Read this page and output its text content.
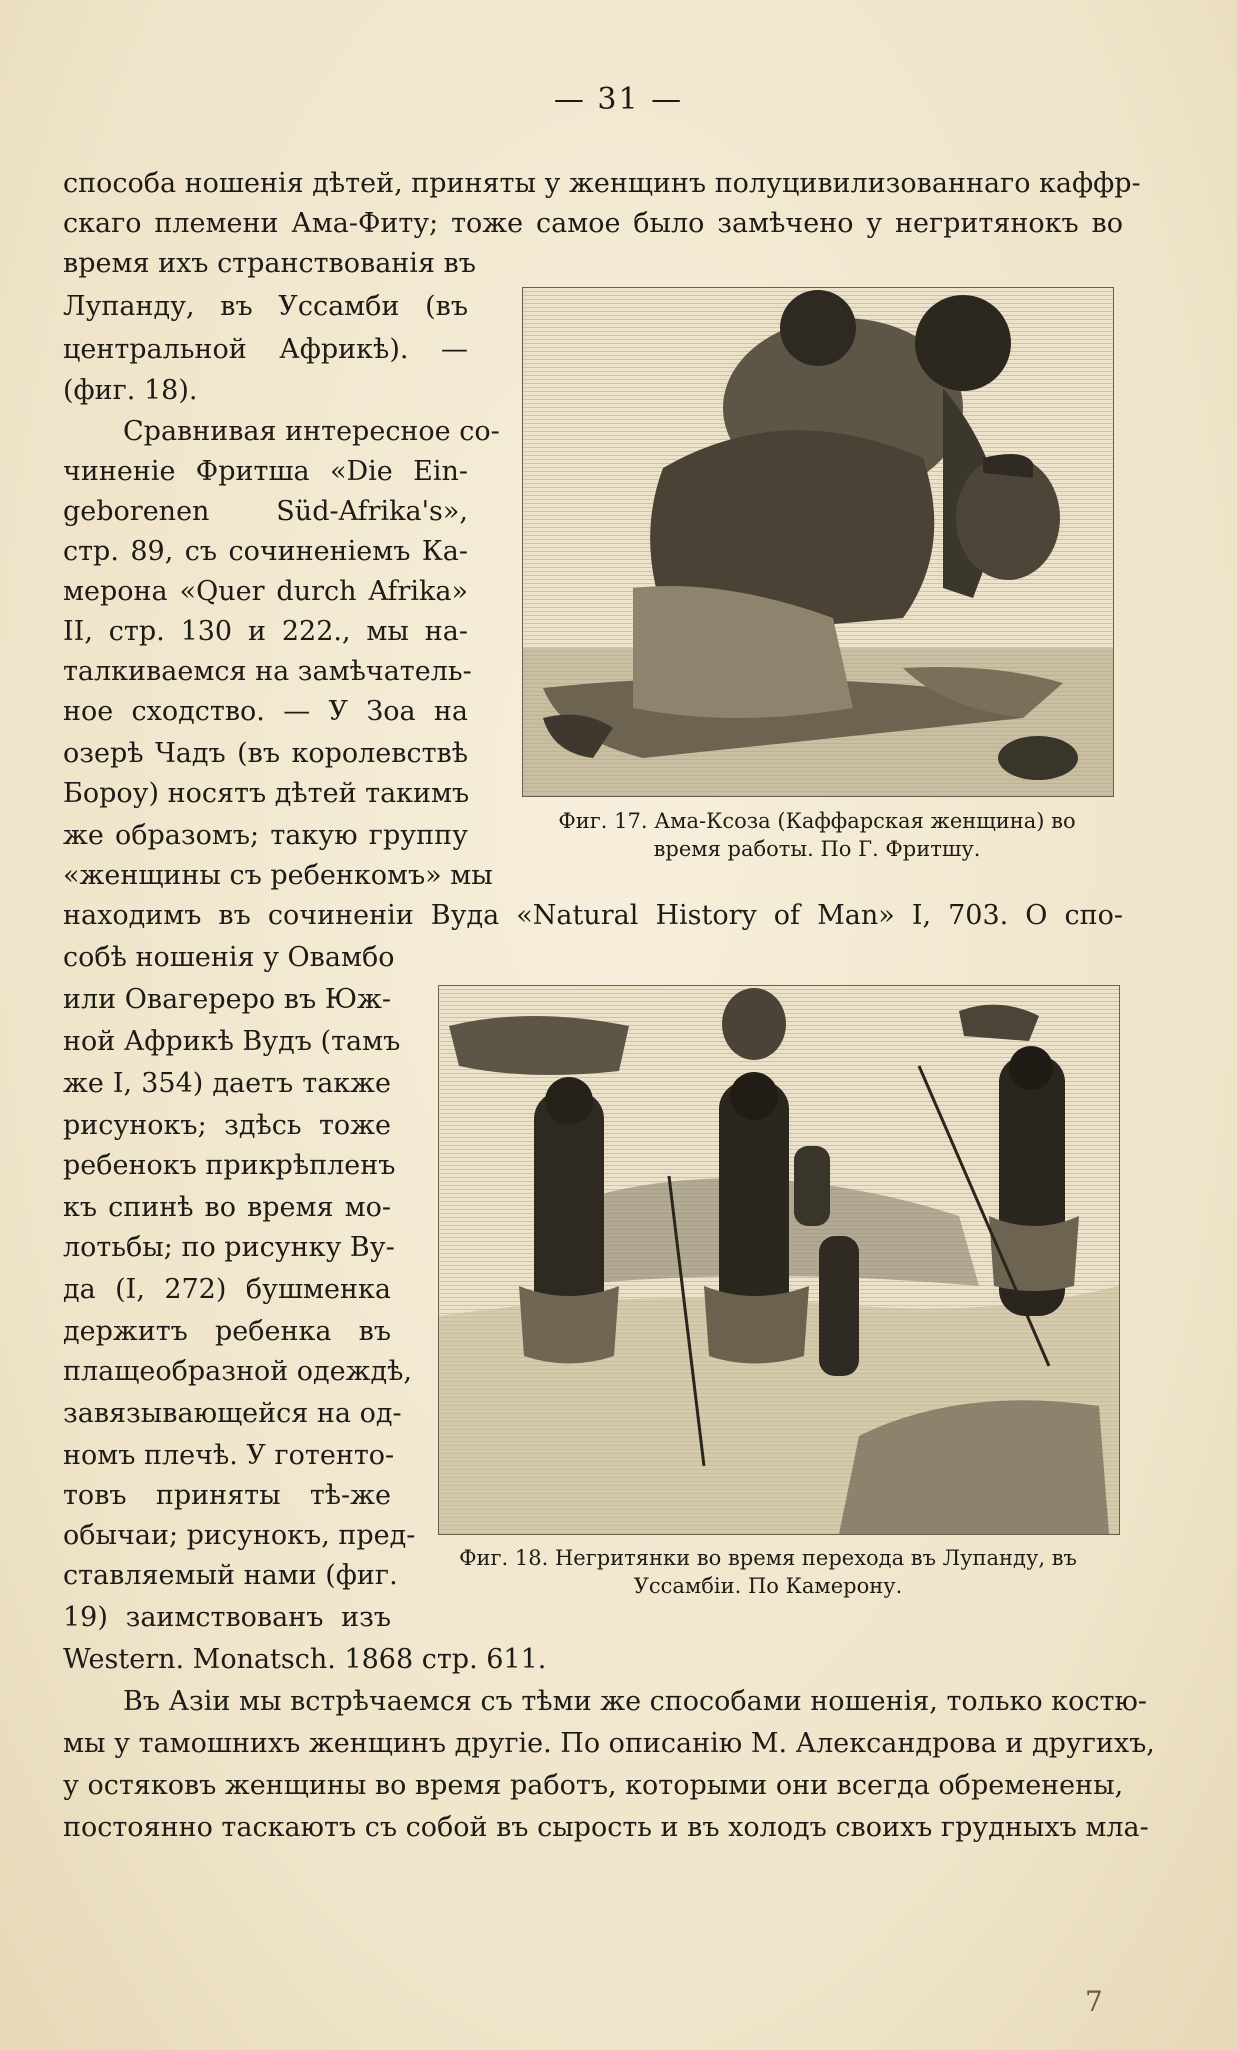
— 31 —
способа ношенія дѣтей, приняты у женщинъ полуцивилизованнаго каффр-
скаго племени Ама-Фиту; тоже самое было замѣчено у негритянокъ во
время ихъ странствованія въ
Лупанду, въ Уссамби (въ
центральной Африкѣ). —
(фиг. 18).
Сравнивая интересное со-
чиненіе Фритша «Die Ein-
geborenen Süd-Afrika's»,
стр. 89, съ сочиненіемъ Ка-
мерона «Quer durch Afrika»
II, стр. 130 и 222., мы на-
талкиваемся на замѣчатель-
ное сходство. — У Зоа на
озерѣ Чадъ (въ королевствѣ
Бороу) носятъ дѣтей такимъ
же образомъ; такую группу
«женщины съ ребенкомъ» мы
Фиг. 17. Ама-Ксоза (Каффарская женщина) во
время работы. По Г. Фритшу.
находимъ въ сочиненіи Вуда «Natural History of Man» I, 703. О спо-
собѣ ношенія у Овамбо
или Овагереро въ Юж-
ной Африкѣ Вудъ (тамъ
же I, 354) даетъ также
рисунокъ; здѣсь тоже
ребенокъ прикрѣпленъ
къ спинѣ во время мо-
лотьбы; по рисунку Ву-
да (I, 272) бушменка
держитъ ребенка въ
плащеобразной одеждѣ,
завязывающейся на од-
номъ плечѣ. У готенто-
товъ приняты тѣ-же
обычаи; рисунокъ, пред-
ставляемый нами (фиг.
19) заимствованъ изъ
Фиг. 18. Негритянки во время перехода въ Лупанду, въ
Уссамбіи. По Камерону.
Western. Monatsch. 1868 стр. 611.
Въ Азіи мы встрѣчаемся съ тѣми же способами ношенія, только костю-
мы у тамошнихъ женщинъ другіе. По описанію М. Александрова и другихъ,
у остяковъ женщины во время работъ, которыми они всегда обременены,
постоянно таскаютъ съ собой въ сырость и въ холодъ своихъ грудныхъ мла-
7
